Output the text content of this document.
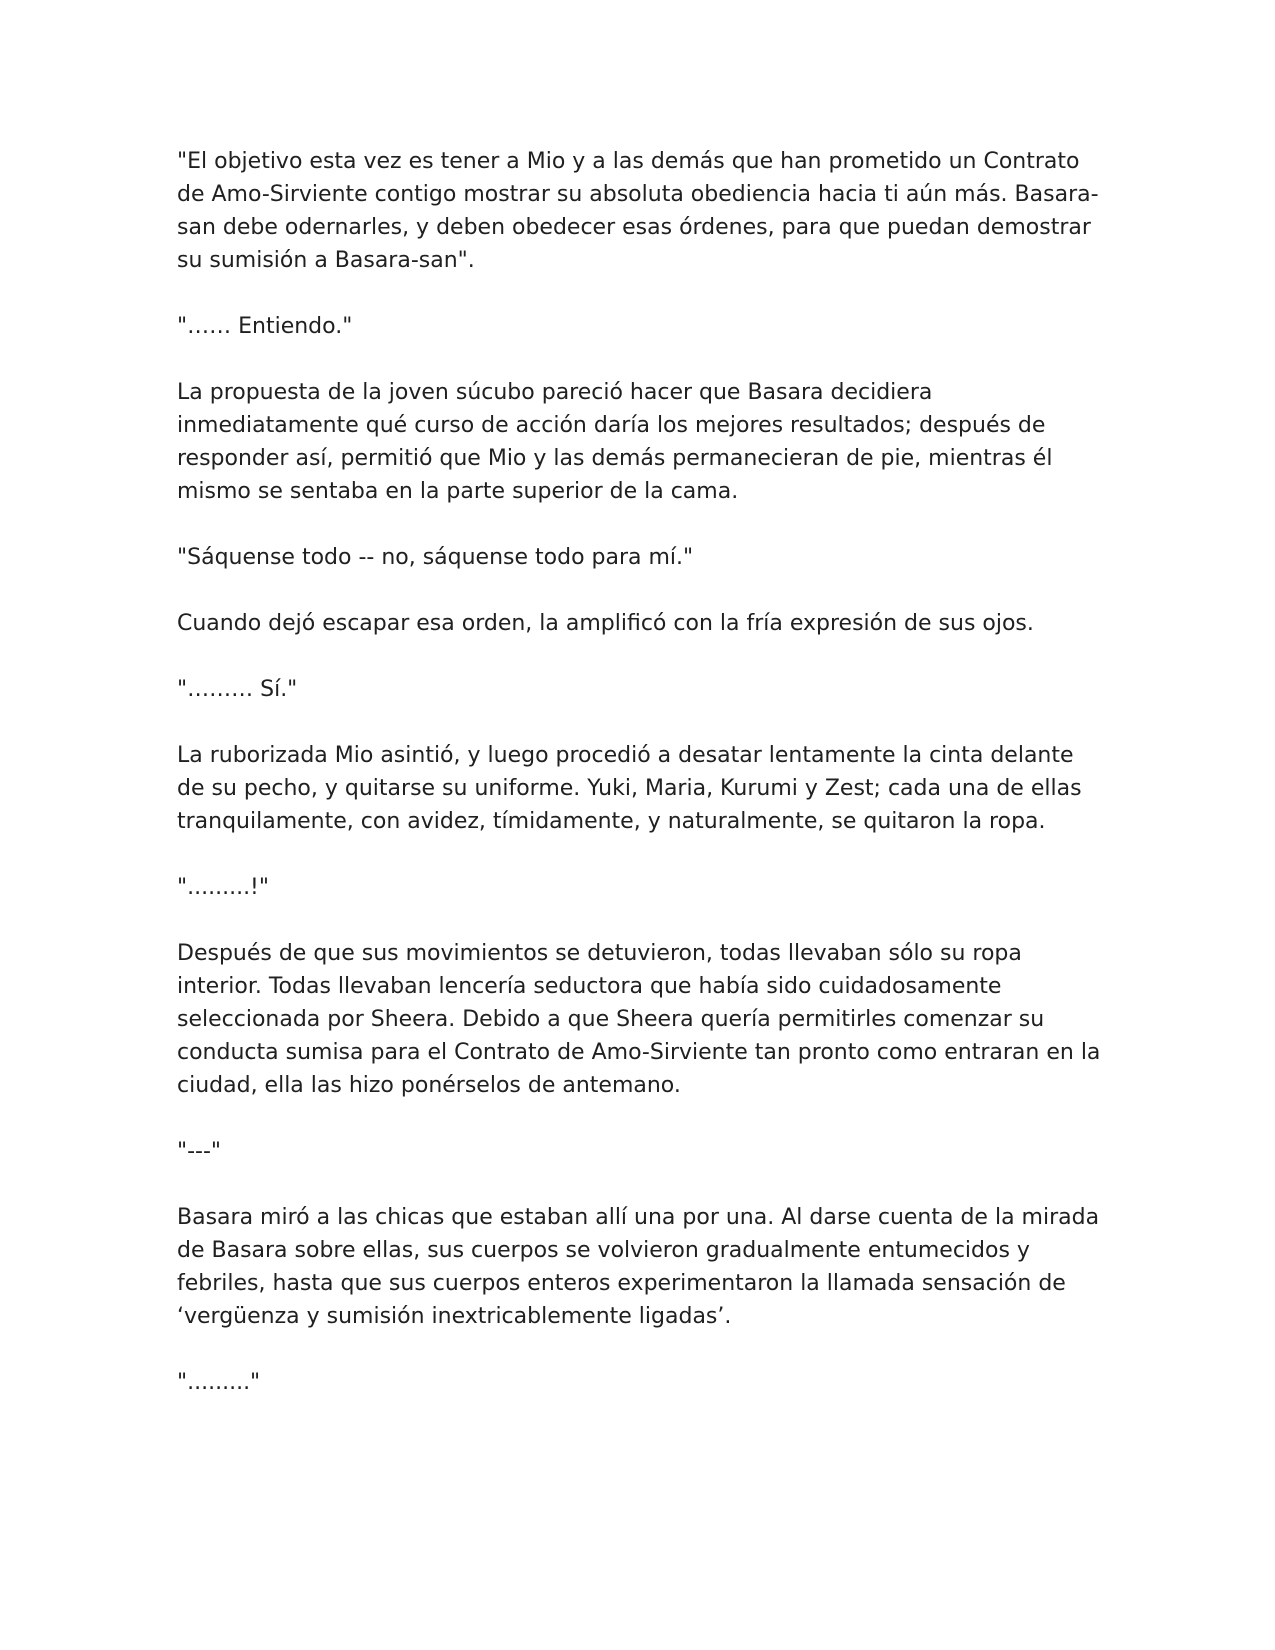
"El objetivo esta vez es tener a Mio y a las demás que han prometido un Contrato de Amo-Sirviente contigo mostrar su absoluta obediencia hacia ti aún más. Basara-san debe odernarles, y deben obedecer esas órdenes, para que puedan demostrar su sumisión a Basara-san".

"…… Entiendo."

La propuesta de la joven súcubo pareció hacer que Basara decidiera inmediatamente qué curso de acción daría los mejores resultados; después de responder así, permitió que Mio y las demás permanecieran de pie, mientras él mismo se sentaba en la parte superior de la cama.

"Sáquense todo -- no, sáquense todo para mí."

Cuando dejó escapar esa orden, la amplificó con la fría expresión de sus ojos.

"……… Sí."

La ruborizada Mio asintió, y luego procedió a desatar lentamente la cinta delante de su pecho, y quitarse su uniforme. Yuki, Maria, Kurumi y Zest; cada una de ellas tranquilamente, con avidez, tímidamente, y naturalmente, se quitaron la ropa.

".........!"

Después de que sus movimientos se detuvieron, todas llevaban sólo su ropa interior. Todas llevaban lencería seductora que había sido cuidadosamente seleccionada por Sheera. Debido a que Sheera quería permitirles comenzar su conducta sumisa para el Contrato de Amo-Sirviente tan pronto como entraran en la ciudad, ella las hizo ponérselos de antemano.

"---"

Basara miró a las chicas que estaban allí una por una. Al darse cuenta de la mirada de Basara sobre ellas, sus cuerpos se volvieron gradualmente entumecidos y febriles, hasta que sus cuerpos enteros experimentaron la llamada sensación de ‘vergüenza y sumisión inextricablemente ligadas’.

"........."
